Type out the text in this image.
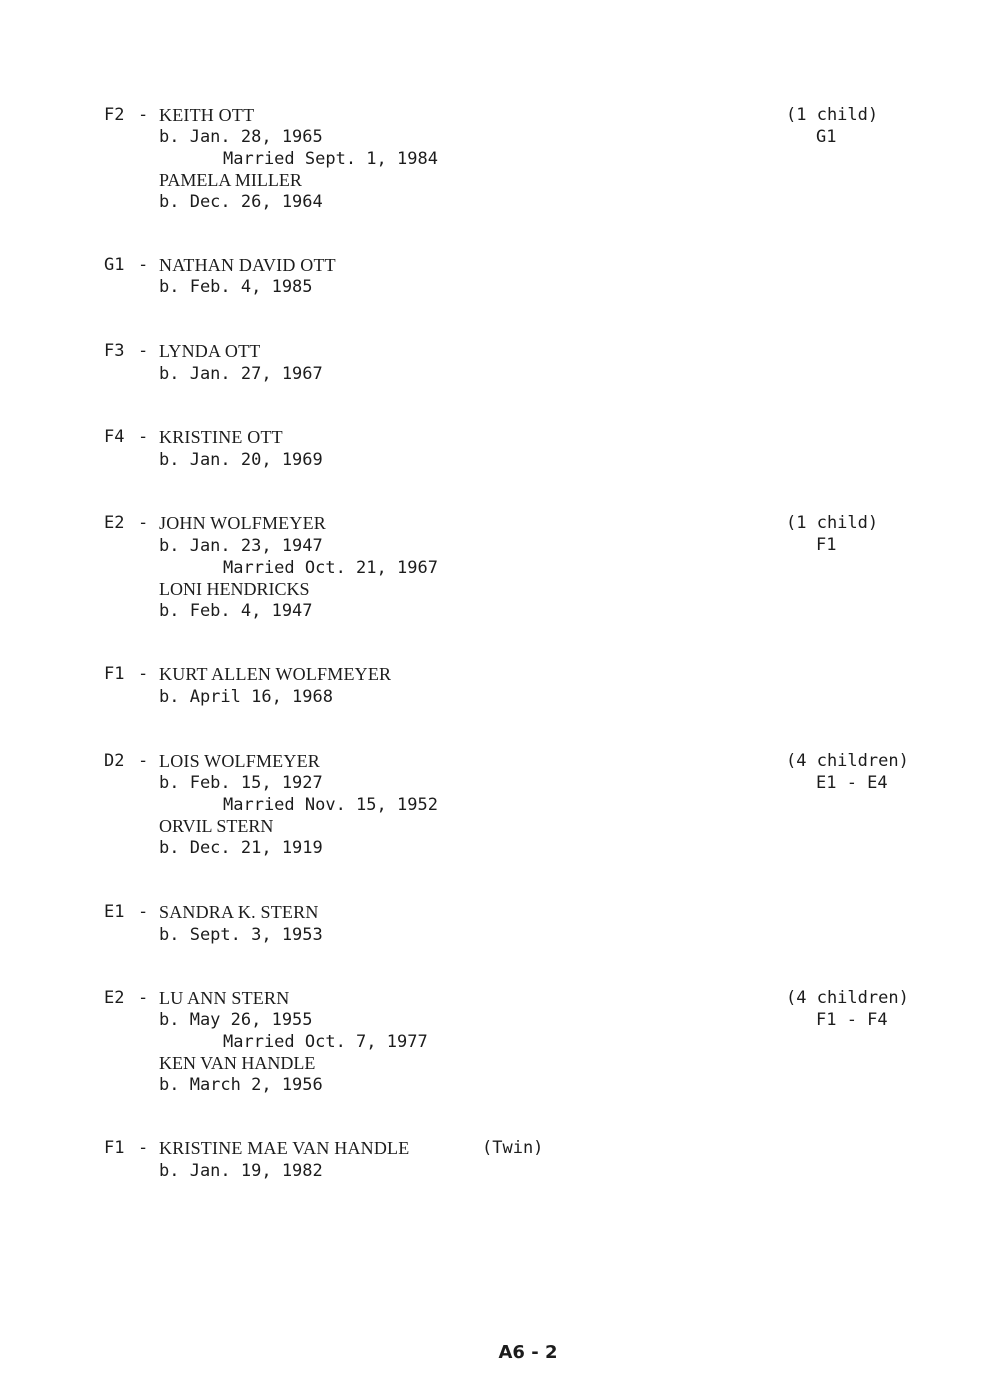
F2 - KEITH OTT
b. Jan. 28, 1965
Married Sept. 1, 1984
PAMELA MILLER
b. Dec. 26, 1964
(1 child)
G1
G1 - NATHAN DAVID OTT
b. Feb. 4, 1985
F3 - LYNDA OTT
b. Jan. 27, 1967
F4 - KRISTINE OTT
b. Jan. 20, 1969
E2 - JOHN WOLFMEYER
b. Jan. 23, 1947
Married Oct. 21, 1967
LONI HENDRICKS
b. Feb. 4, 1947
(1 child)
F1
F1 - KURT ALLEN WOLFMEYER
b. April 16, 1968
D2 - LOIS WOLFMEYER
b. Feb. 15, 1927
Married Nov. 15, 1952
ORVIL STERN
b. Dec. 21, 1919
(4 children)
E1 - E4
E1 - SANDRA K. STERN
b. Sept. 3, 1953
E2 - LU ANN STERN
b. May 26, 1955
Married Oct. 7, 1977
KEN VAN HANDLE
b. March 2, 1956
(4 children)
F1 - F4
F1 - KRISTINE MAE VAN HANDLE	(Twin)
b. Jan. 19, 1982
A6 - 2
